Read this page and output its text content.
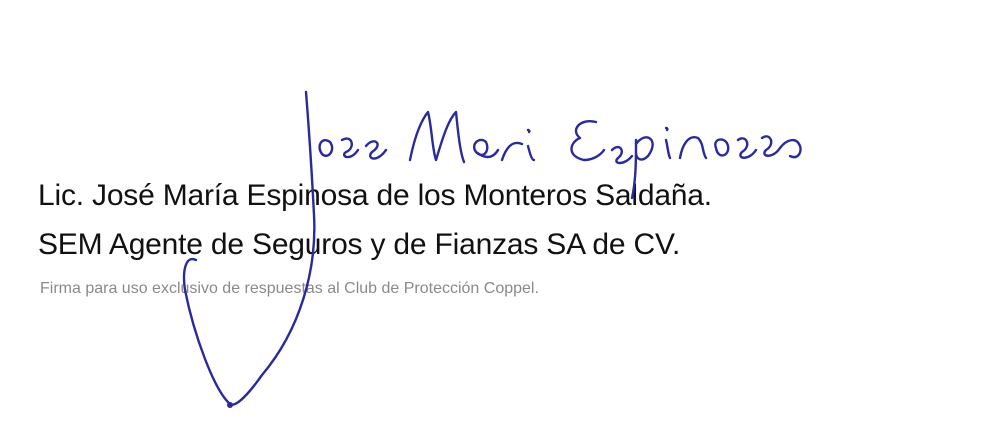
Lic. José María Espinosa de los Monteros Saldaña.
SEM Agente de Seguros y de Fianzas SA de CV.
Firma para uso exclusivo de respuestas al Club de Protección Coppel.
